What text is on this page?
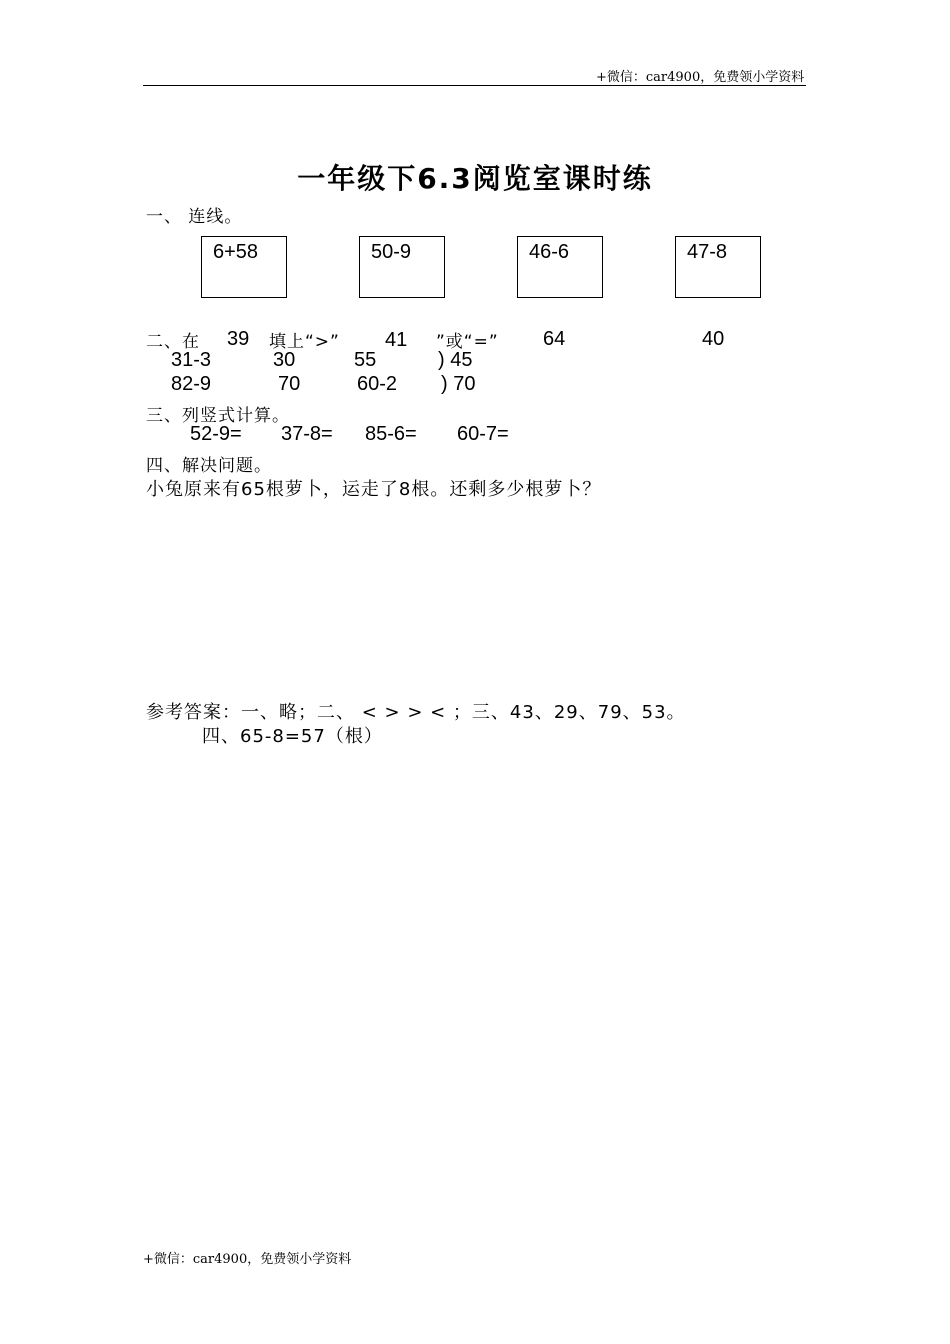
+微信：car4900，免费领小学资料
一年级下6.3阅览室课时练
一、 连线。
6+58	50-9	46-6	47-8
二、在 39 填上“>” 41 ”或“=” 64	40
31-3	30	55	) 45
82-9	70	60-2 ) 70
三、列竖式计算。
52-9= 37-8= 85-6= 60-7=
四、解决问题。
小兔原来有65根萝卜，运走了8根。还剩多少根萝卜？
参考答案：一、略；二、 < > > < ；三、43、29、79、53。
四、65-8=57（根）
+微信：car4900，免费领小学资料
